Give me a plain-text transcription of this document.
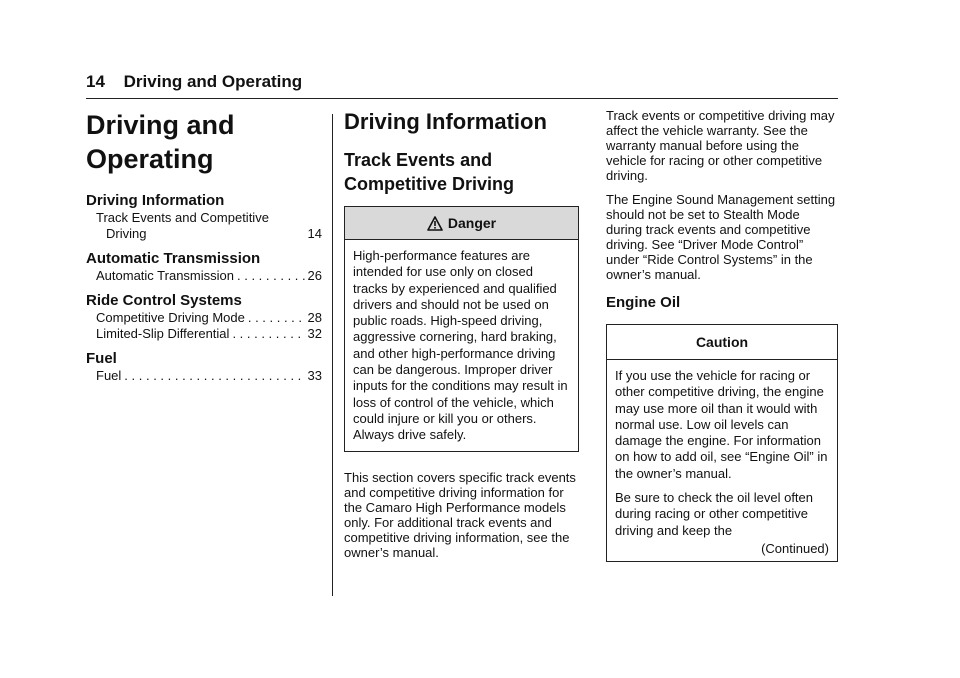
14 Driving and Operating
Driving and
Operating
Driving Information
Track Events and Competitive
Driving	14
Automatic Transmission
Automatic Transmission . . .	26
Ride Control Systems
Competitive Driving Mode . . .	28
Limited-Slip Differential . . .	32
Fuel
Fuel . . .	33
Driving Information
Track Events and
Competitive Driving
Danger
High-performance features are intended for use only on closed tracks by experienced and qualified drivers and should not be used on public roads. High-speed driving, aggressive cornering, hard braking, and other high-performance driving can be dangerous. Improper driver inputs for the conditions may result in loss of control of the vehicle, which could injure or kill you or others. Always drive safely.

This section covers specific track events and competitive driving information for the Camaro High Performance models only. For additional track events and competitive driving information, see the owner’s manual.

Track events or competitive driving may affect the vehicle warranty. See the warranty manual before using the vehicle for racing or other competitive driving.

The Engine Sound Management setting should not be set to Stealth Mode during track events and competitive driving. See “Driver Mode Control” under “Ride Control Systems” in the owner’s manual.

Engine Oil
Caution

If you use the vehicle for racing or other competitive driving, the engine may use more oil than it would with normal use. Low oil levels can damage the engine. For information on how to add oil, see “Engine Oil” in the owner’s manual.

Be sure to check the oil level often during racing or other competitive driving and keep the

(Continued)
